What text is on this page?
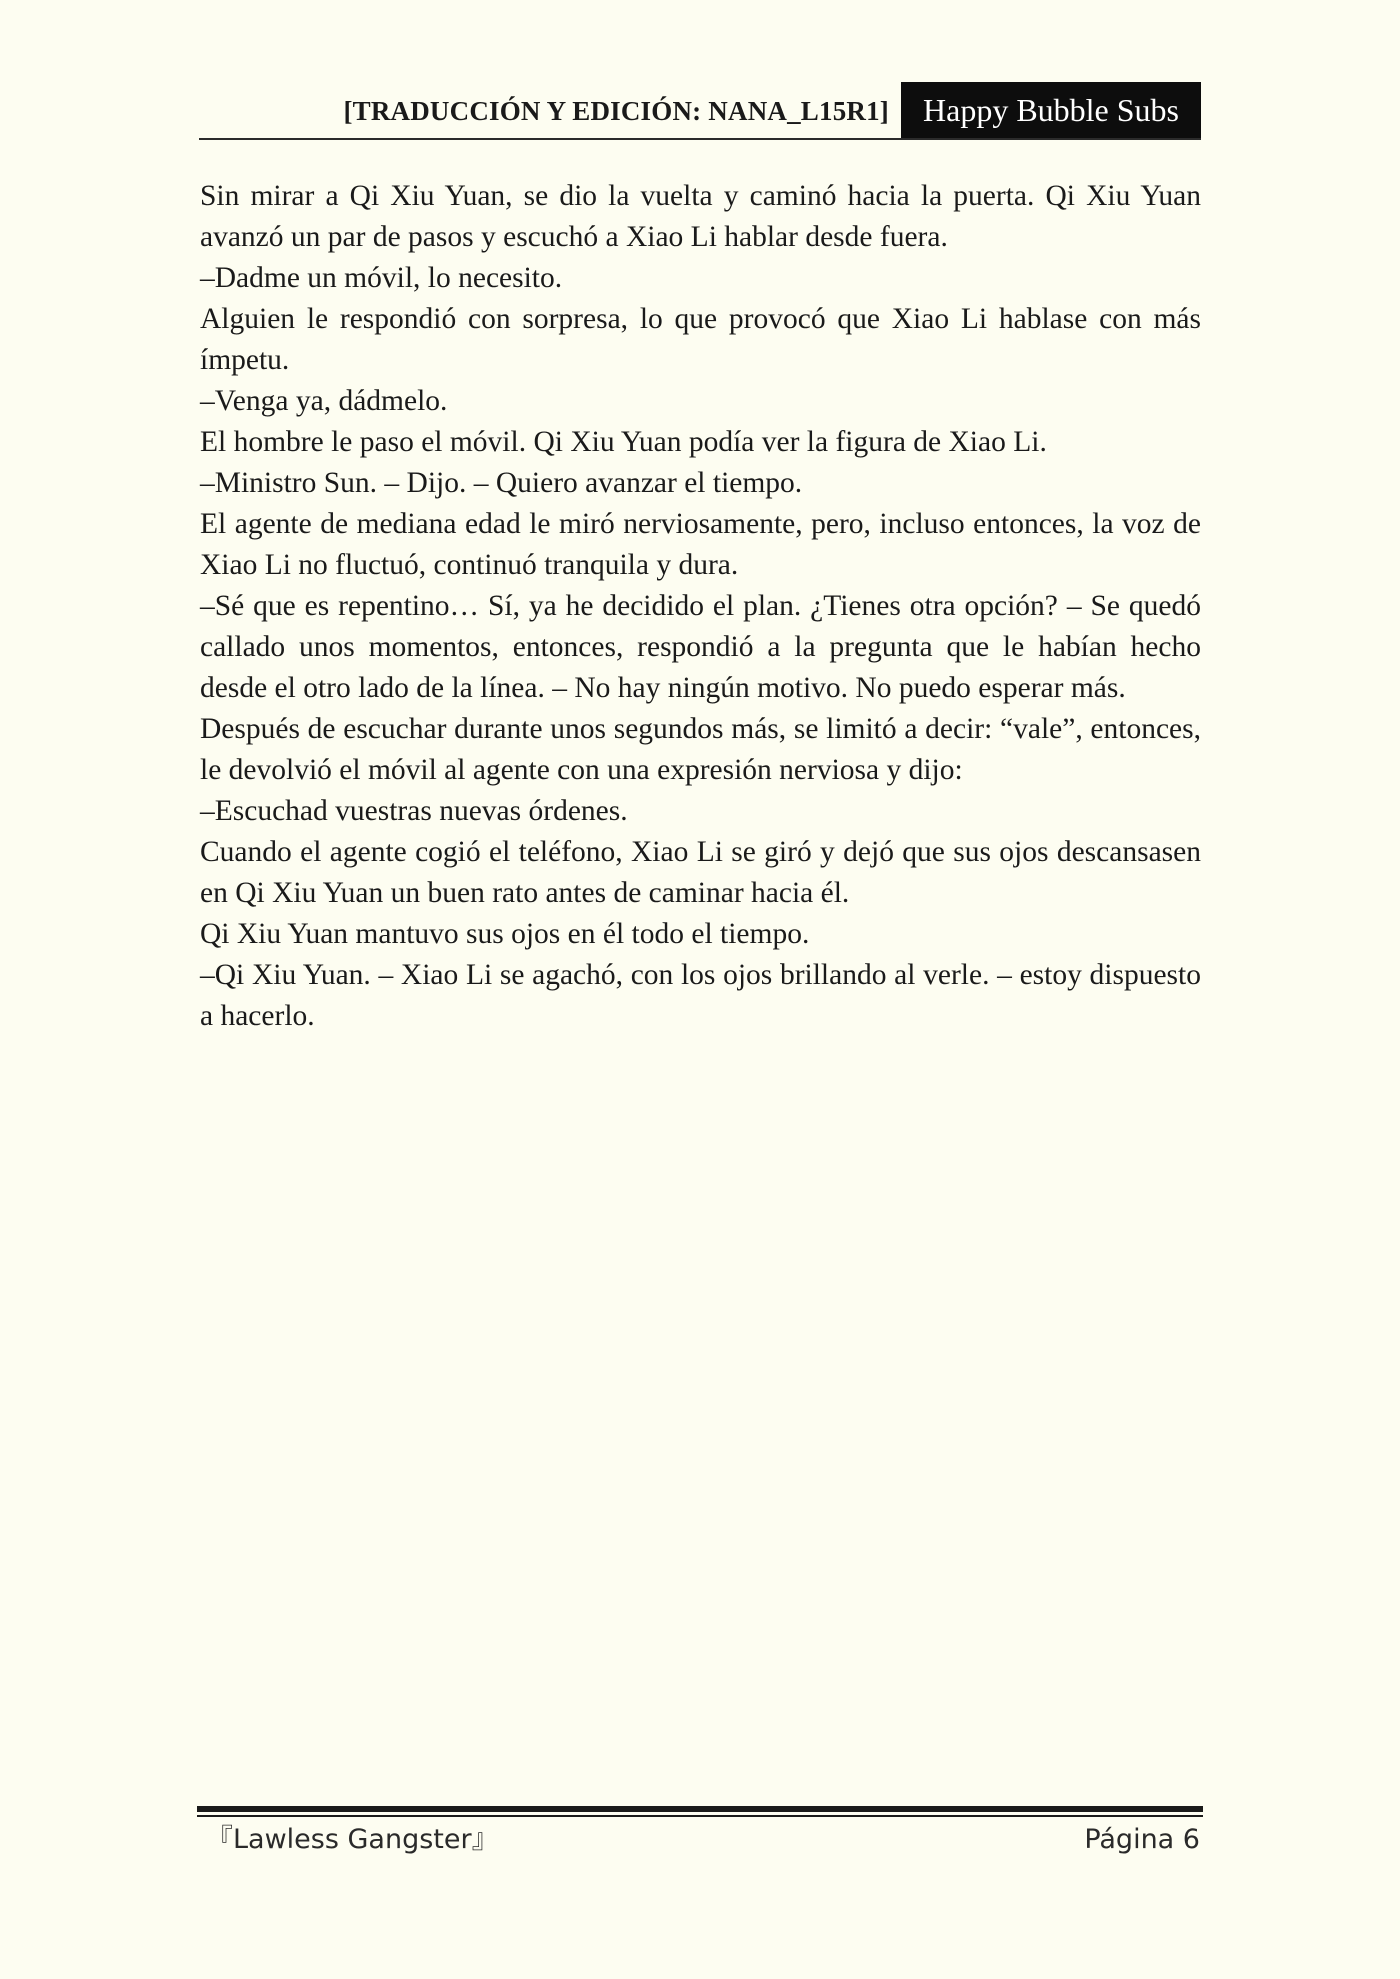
[TRADUCCIÓN Y EDICIÓN: NANA_L15R1]	Happy Bubble Subs

Sin mirar a Qi Xiu Yuan, se dio la vuelta y caminó hacia la puerta. Qi Xiu Yuan avanzó un par de pasos y escuchó a Xiao Li hablar desde fuera.

–Dadme un móvil, lo necesito.

Alguien le respondió con sorpresa, lo que provocó que Xiao Li hablase con más ímpetu.

–Venga ya, dádmelo.

El hombre le paso el móvil. Qi Xiu Yuan podía ver la figura de Xiao Li.

–Ministro Sun. – Dijo. – Quiero avanzar el tiempo.

El agente de mediana edad le miró nerviosamente, pero, incluso entonces, la voz de Xiao Li no fluctuó, continuó tranquila y dura.

–Sé que es repentino… Sí, ya he decidido el plan. ¿Tienes otra opción? – Se quedó callado unos momentos, entonces, respondió a la pregunta que le habían hecho desde el otro lado de la línea. – No hay ningún motivo. No puedo esperar más.

Después de escuchar durante unos segundos más, se limitó a decir: “vale”, entonces, le devolvió el móvil al agente con una expresión nerviosa y dijo:

–Escuchad vuestras nuevas órdenes.

Cuando el agente cogió el teléfono, Xiao Li se giró y dejó que sus ojos descansasen en Qi Xiu Yuan un buen rato antes de caminar hacia él.

Qi Xiu Yuan mantuvo sus ojos en él todo el tiempo.

–Qi Xiu Yuan. – Xiao Li se agachó, con los ojos brillando al verle. – estoy dispuesto a hacerlo.

『Lawless Gangster』	Página 6
